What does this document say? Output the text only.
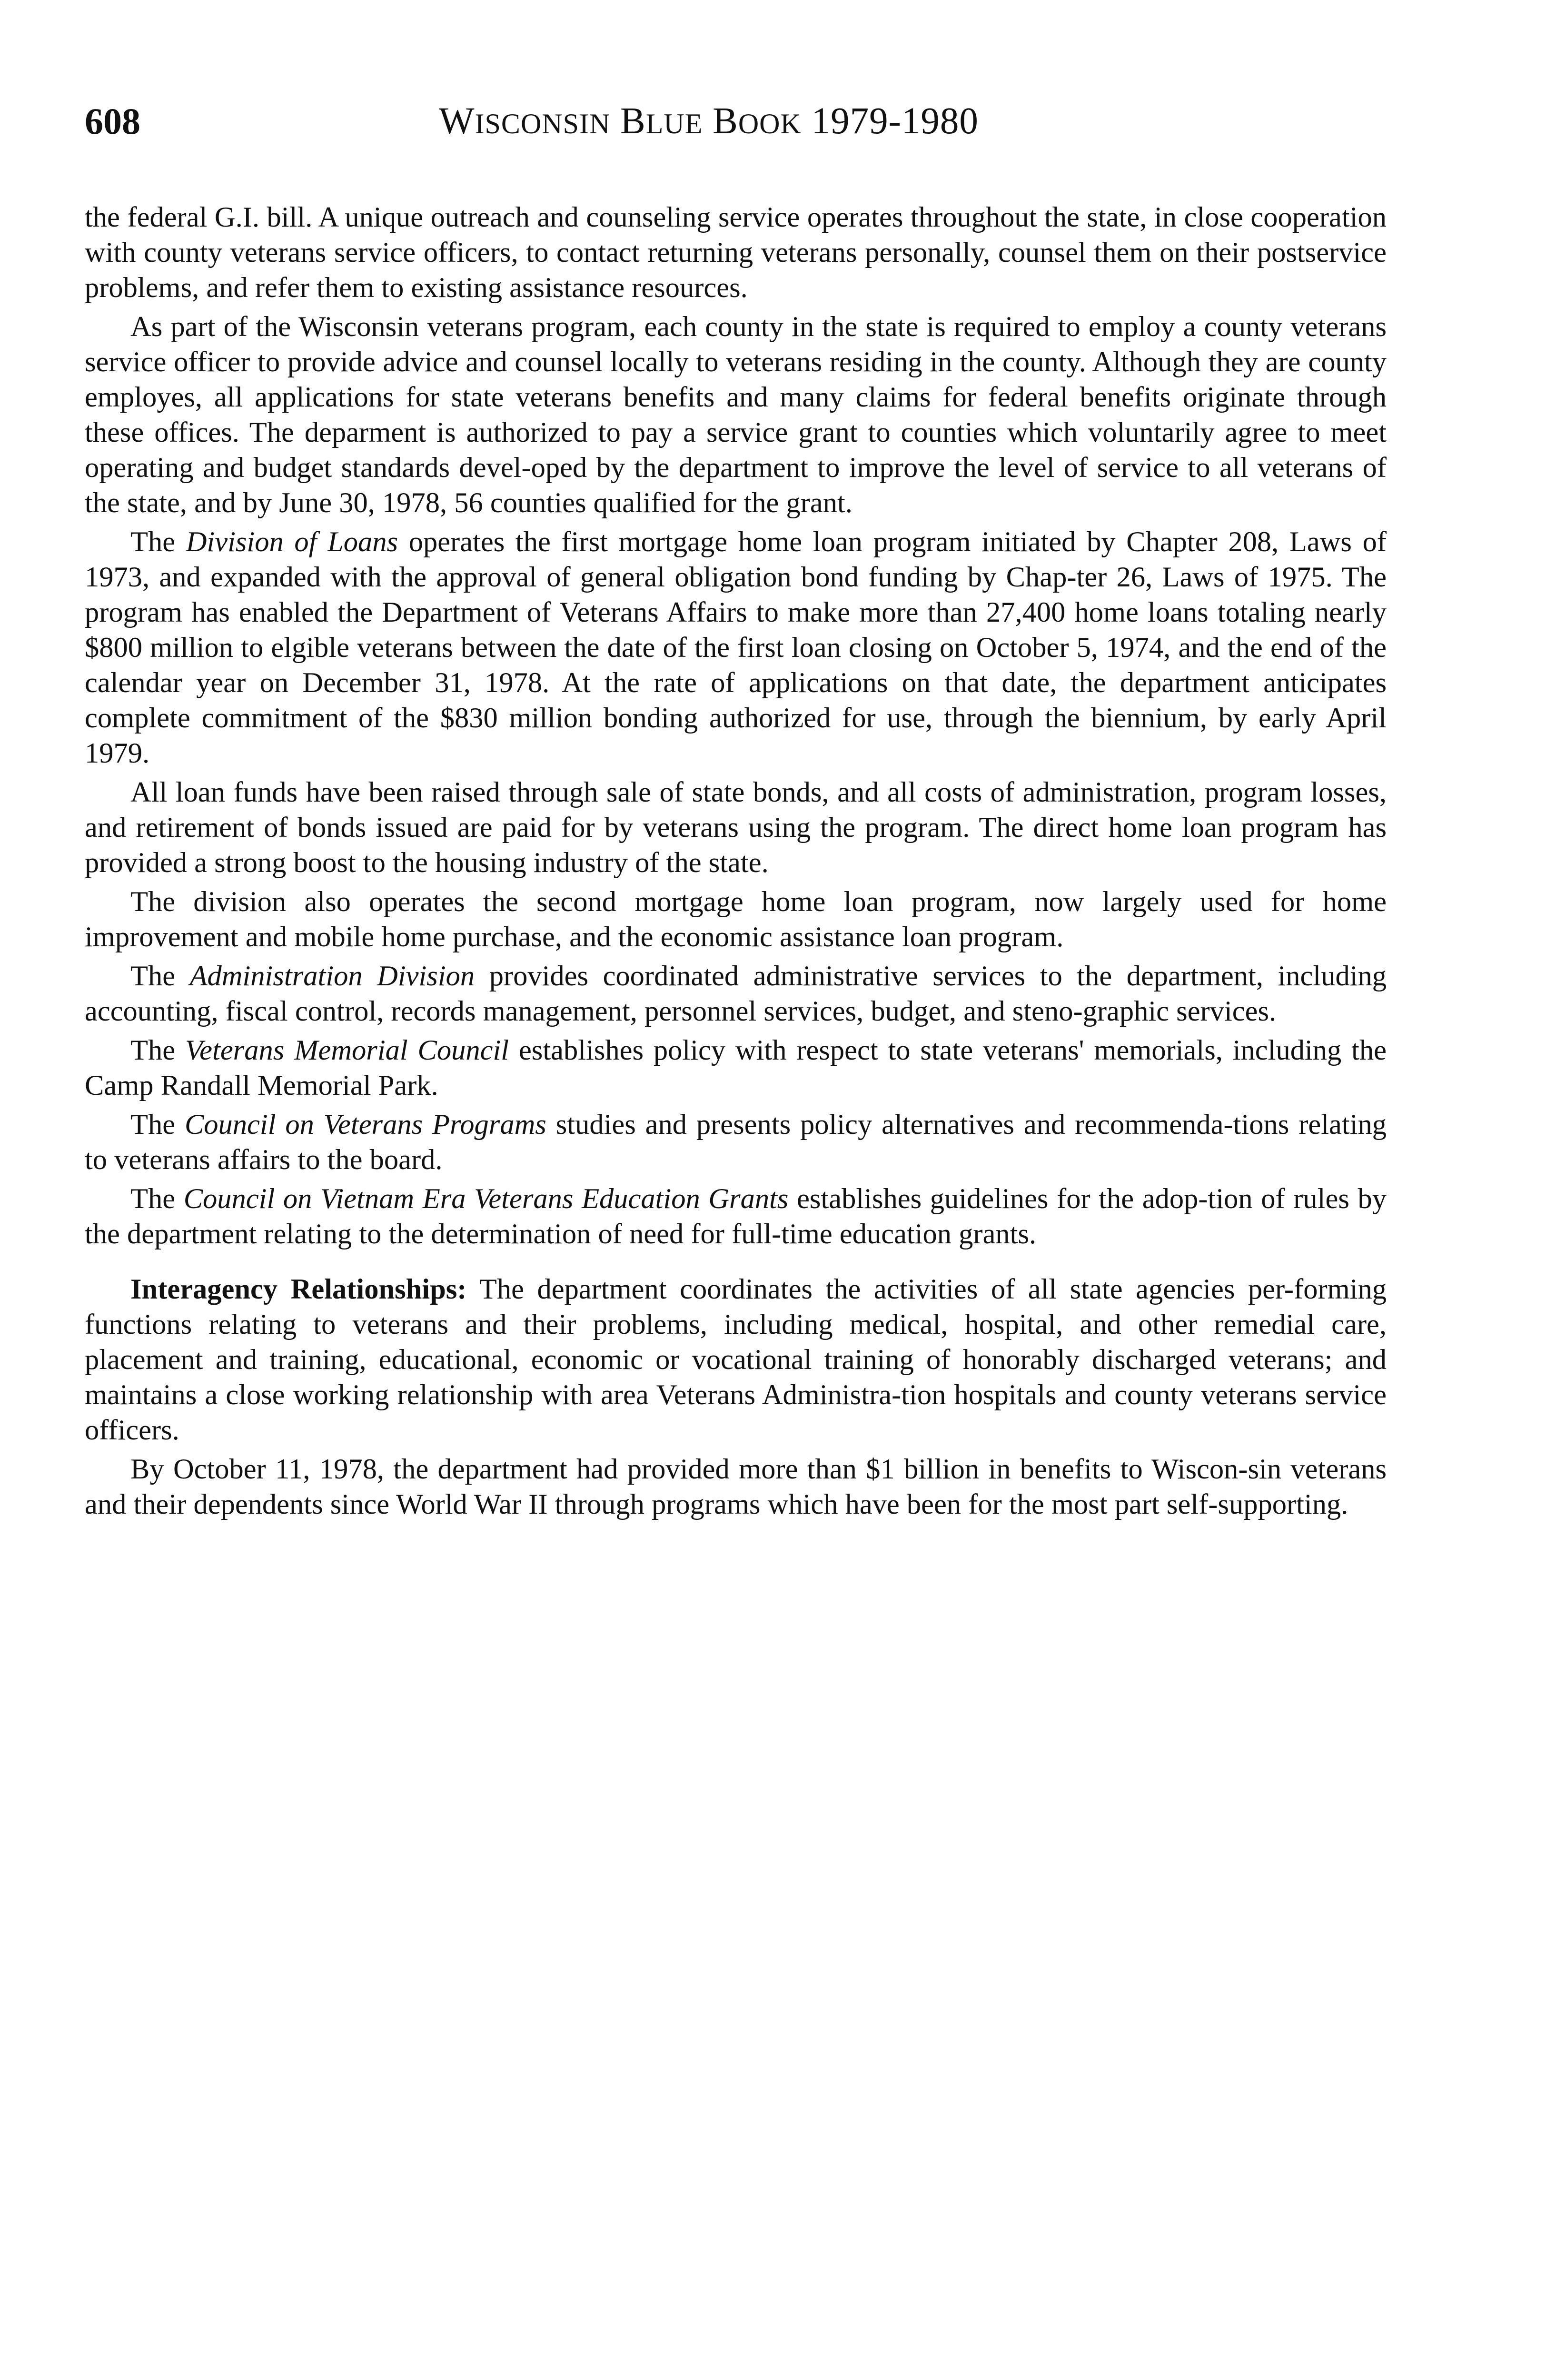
608	WISCONSIN BLUE BOOK 1979-1980

the federal G.I. bill. A unique outreach and counseling service operates throughout the state, in close cooperation with county veterans service officers, to contact returning veterans personally, counsel them on their postservice problems, and refer them to existing assistance resources.

As part of the Wisconsin veterans program, each county in the state is required to employ a county veterans service officer to provide advice and counsel locally to veterans residing in the county. Although they are county employes, all applications for state veterans benefits and many claims for federal benefits originate through these offices. The deparment is authorized to pay a service grant to counties which voluntarily agree to meet operating and budget standards devel-oped by the department to improve the level of service to all veterans of the state, and by June 30, 1978, 56 counties qualified for the grant.

The Division of Loans operates the first mortgage home loan program initiated by Chapter 208, Laws of 1973, and expanded with the approval of general obligation bond funding by Chap-ter 26, Laws of 1975. The program has enabled the Department of Veterans Affairs to make more than 27,400 home loans totaling nearly $800 million to elgible veterans between the date of the first loan closing on October 5, 1974, and the end of the calendar year on December 31, 1978. At the rate of applications on that date, the department anticipates complete commitment of the $830 million bonding authorized for use, through the biennium, by early April 1979.

All loan funds have been raised through sale of state bonds, and all costs of administration, program losses, and retirement of bonds issued are paid for by veterans using the program. The direct home loan program has provided a strong boost to the housing industry of the state.

The division also operates the second mortgage home loan program, now largely used for home improvement and mobile home purchase, and the economic assistance loan program.

The Administration Division provides coordinated administrative services to the department, including accounting, fiscal control, records management, personnel services, budget, and steno-graphic services.

The Veterans Memorial Council establishes policy with respect to state veterans' memorials, including the Camp Randall Memorial Park.

The Council on Veterans Programs studies and presents policy alternatives and recommenda-tions relating to veterans affairs to the board.

The Council on Vietnam Era Veterans Education Grants establishes guidelines for the adop-tion of rules by the department relating to the determination of need for full-time education grants.

Interagency Relationships: The department coordinates the activities of all state agencies per-forming functions relating to veterans and their problems, including medical, hospital, and other remedial care, placement and training, educational, economic or vocational training of honorably discharged veterans; and maintains a close working relationship with area Veterans Administra-tion hospitals and county veterans service officers.

By October 11, 1978, the department had provided more than $1 billion in benefits to Wiscon-sin veterans and their dependents since World War II through programs which have been for the most part self-supporting.
